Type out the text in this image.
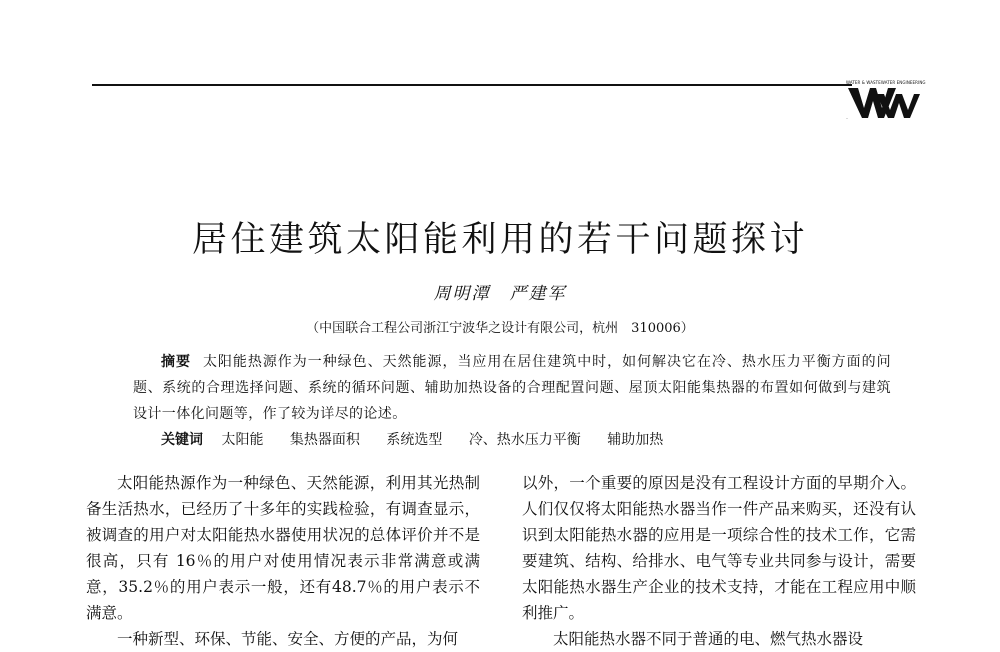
WATER & WASTEWATER ENGINEERING
WW
居住建筑太阳能利用的若干问题探讨
周明潭　严建军
（中国联合工程公司浙江宁波华之设计有限公司，杭州　310006）
摘要 太阳能热源作为一种绿色、天然能源，当应用在居住建筑中时，如何解决它在冷、热水压力平衡方面的问题、系统的合理选择问题、系统的循环问题、辅助加热设备的合理配置问题、屋顶太阳能集热器的布置如何做到与建筑设计一体化问题等，作了较为详尽的论述。
关键词 太阳能 集热器面积 系统选型 冷、热水压力平衡 辅助加热

太阳能热源作为一种绿色、天然能源，利用其光热制备生活热水，已经历了十多年的实践检验，有调查显示，被调查的用户对太阳能热水器使用状况的总体评价并不是很高，只有 16％的用户对使用情况表示非常满意或满意，35.2％的用户表示一般，还有48.7％的用户表示不满意。

一种新型、环保、节能、安全、方便的产品，为何

以外，一个重要的原因是没有工程设计方面的早期介入。人们仅仅将太阳能热水器当作一件产品来购买，还没有认识到太阳能热水器的应用是一项综合性的技术工作，它需要建筑、结构、给排水、电气等专业共同参与设计，需要太阳能热水器生产企业的技术支持，才能在工程应用中顺利推广。

太阳能热水器不同于普通的电、燃气热水器设
